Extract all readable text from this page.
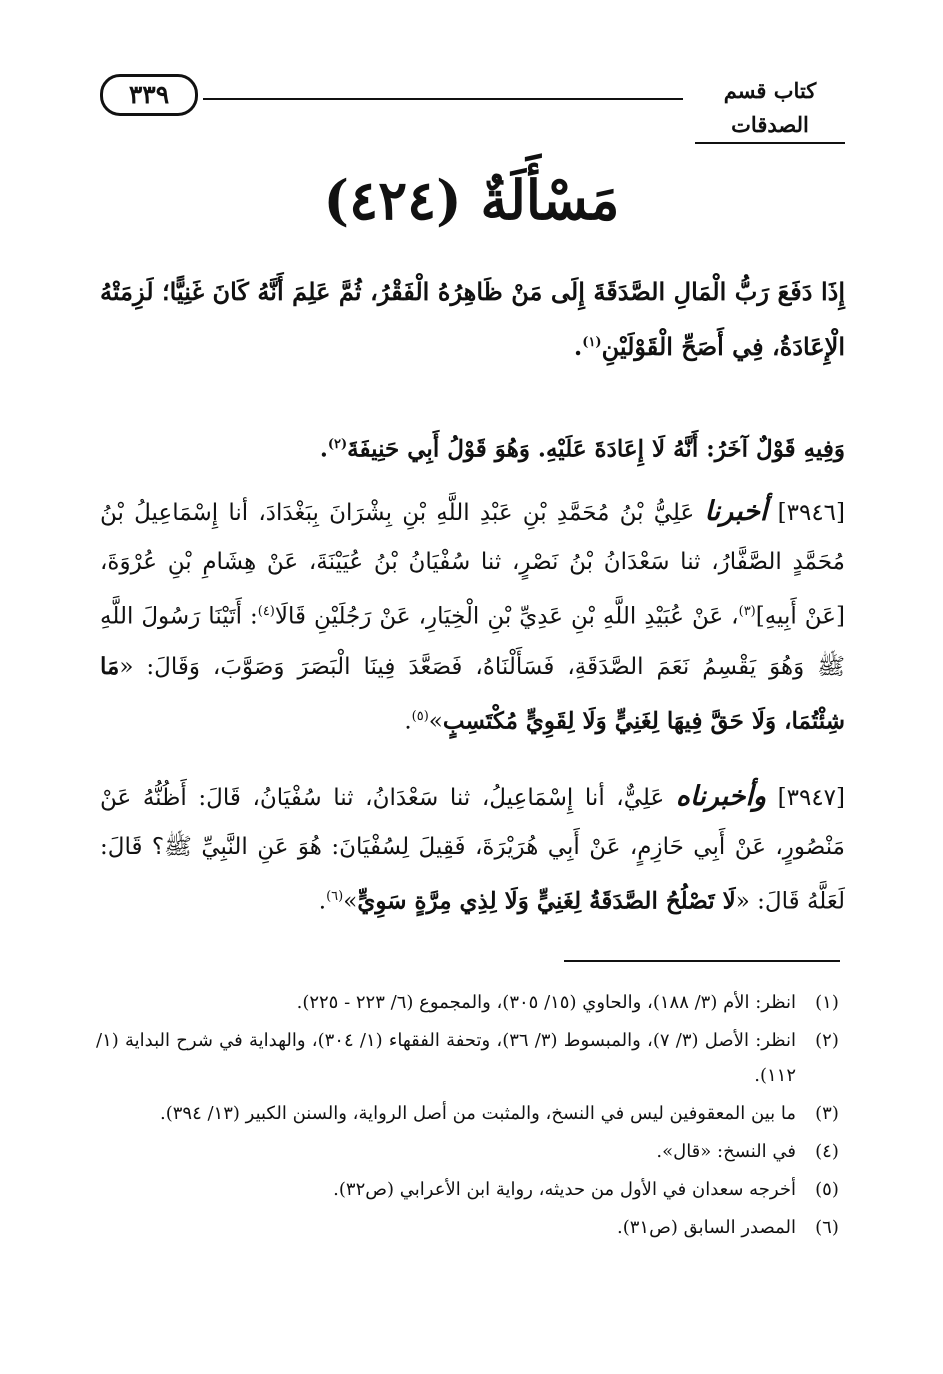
٣٣٩	كتاب قسم الصدقات
مَسْأَلَةٌ (٤٢٤)
إِذَا دَفَعَ رَبُّ الْمَالِ الصَّدَقَةَ إِلَى مَنْ ظَاهِرُهُ الْفَقْرُ، ثُمَّ عَلِمَ أَنَّهُ كَانَ غَنِيًّا؛ لَزِمَتْهُ الْإِعَادَةُ، فِي أَصَحِّ الْقَوْلَيْنِ$^{(١)}$.
وَفِيهِ قَوْلٌ آخَرُ: أَنَّهُ لَا إِعَادَةَ عَلَيْهِ. وَهُوَ قَوْلُ أَبِي حَنِيفَةَ$^{(٢)}$.
[٣٩٤٦] أخبرنا عَلِيُّ بْنُ مُحَمَّدِ بْنِ عَبْدِ اللَّهِ بْنِ بِشْرَانَ بِبَغْدَادَ، أنا إِسْمَاعِيلُ بْنُ مُحَمَّدٍ الصَّفَّارُ، ثنا سَعْدَانُ بْنُ نَصْرٍ، ثنا سُفْيَانُ بْنُ عُيَيْنَةَ، عَنْ هِشَامِ بْنِ عُرْوَةَ، [عَنْ أَبِيهِ]$^{(٣)}$، عَنْ عُبَيْدِ اللَّهِ بْنِ عَدِيِّ بْنِ الْخِيَارِ، عَنْ رَجُلَيْنِ قَالَا$^{(٤)}$: أَتَيْنَا رَسُولَ اللَّهِ ﷺ وَهُوَ يَقْسِمُ نَعَمَ الصَّدَقَةِ، فَسَأَلْنَاهُ، فَصَعَّدَ فِينَا الْبَصَرَ وَصَوَّبَ، وَقَالَ: «مَا شِئْتُمَا، وَلَا حَقَّ فِيهَا لِغَنِيٍّ وَلَا لِقَوِيٍّ مُكْتَسِبٍ»$^{(٥)}$.
[٣٩٤٧] وأخبرناه عَلِيٌّ، أنا إِسْمَاعِيلُ، ثنا سَعْدَانُ، ثنا سُفْيَانُ، قَالَ: أَظُنُّهُ عَنْ مَنْصُورٍ، عَنْ أَبِي حَازِمٍ، عَنْ أَبِي هُرَيْرَةَ، فَقِيلَ لِسُفْيَانَ: هُوَ عَنِ النَّبِيِّ ﷺ؟ قَالَ: لَعَلَّهُ قَالَ: «لَا تَصْلُحُ الصَّدَقَةُ لِغَنِيٍّ وَلَا لِذِي مِرَّةٍ سَوِيٍّ»$^{(٦)}$.
(١)
انظر: الأم (٣/ ١٨٨)، والحاوي (١٥/ ٣٠٥)، والمجموع (٦/ ٢٢٣ - ٢٢٥).
(٢)
انظر: الأصل (٣/ ٧)، والمبسوط (٣/ ٣٦)، وتحفة الفقهاء (١/ ٣٠٤)، والهداية في شرح البداية (١/ ١١٢).
(٣)
ما بين المعقوفين ليس في النسخ، والمثبت من أصل الرواية، والسنن الكبير (١٣/ ٣٩٤).
(٤)
في النسخ: «قال».
(٥)
أخرجه سعدان في الأول من حديثه، رواية ابن الأعرابي (ص٣٢).
(٦)
المصدر السابق (ص٣١).
